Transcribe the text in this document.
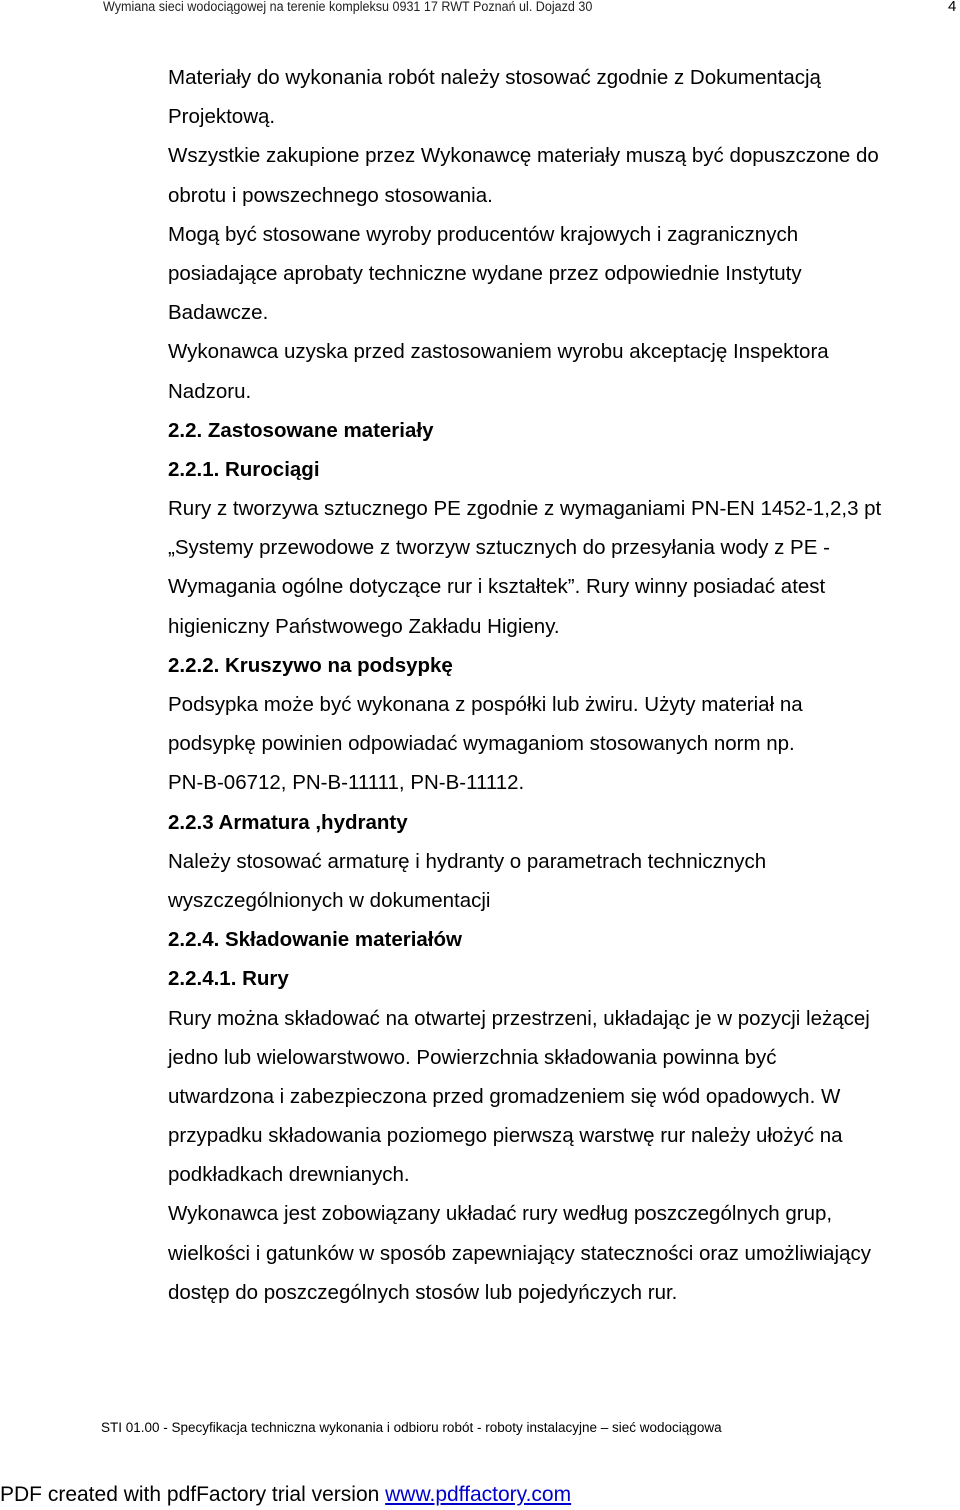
Wymiana sieci wodociągowej na terenie kompleksu 0931 17 RWT Poznań ul. Dojazd 30	4
Materiały do wykonania robót należy stosować zgodnie z Dokumentacją
Projektową.
Wszystkie zakupione przez Wykonawcę materiały muszą być dopuszczone do
obrotu i powszechnego stosowania.
Mogą być stosowane wyroby producentów krajowych i zagranicznych
posiadające aprobaty techniczne wydane przez odpowiednie Instytuty
Badawcze.
Wykonawca uzyska przed zastosowaniem wyrobu akceptację Inspektora
Nadzoru.
2.2. Zastosowane materiały
2.2.1. Rurociągi
Rury z tworzywa sztucznego PE zgodnie z wymaganiami PN-EN 1452-1,2,3 pt
„Systemy przewodowe z tworzyw sztucznych do przesyłania wody z PE -
Wymagania ogólne dotyczące rur i kształtek”. Rury winny posiadać atest
higieniczny Państwowego Zakładu Higieny.
2.2.2. Kruszywo na podsypkę
Podsypka może być wykonana z pospółki lub żwiru. Użyty materiał na
podsypkę powinien odpowiadać wymaganiom stosowanych norm np.
PN-B-06712, PN-B-11111, PN-B-11112.
2.2.3 Armatura ,hydranty
Należy stosować armaturę i hydranty o parametrach technicznych
wyszczególnionych w dokumentacji
2.2.4. Składowanie materiałów
2.2.4.1. Rury
Rury można składować na otwartej przestrzeni, układając je w pozycji leżącej
jedno lub wielowarstwowo. Powierzchnia składowania powinna być
utwardzona i zabezpieczona przed gromadzeniem się wód opadowych. W
przypadku składowania poziomego pierwszą warstwę rur należy ułożyć na
podkładkach drewnianych.
Wykonawca jest zobowiązany układać rury według poszczególnych grup,
wielkości i gatunków w sposób zapewniający stateczności oraz umożliwiający
dostęp do poszczególnych stosów lub pojedyńczych rur.
STI 01.00 - Specyfikacja techniczna wykonania i odbioru robót - roboty instalacyjne – sieć wodociągowa
PDF created with pdfFactory trial version www.pdffactory.com
